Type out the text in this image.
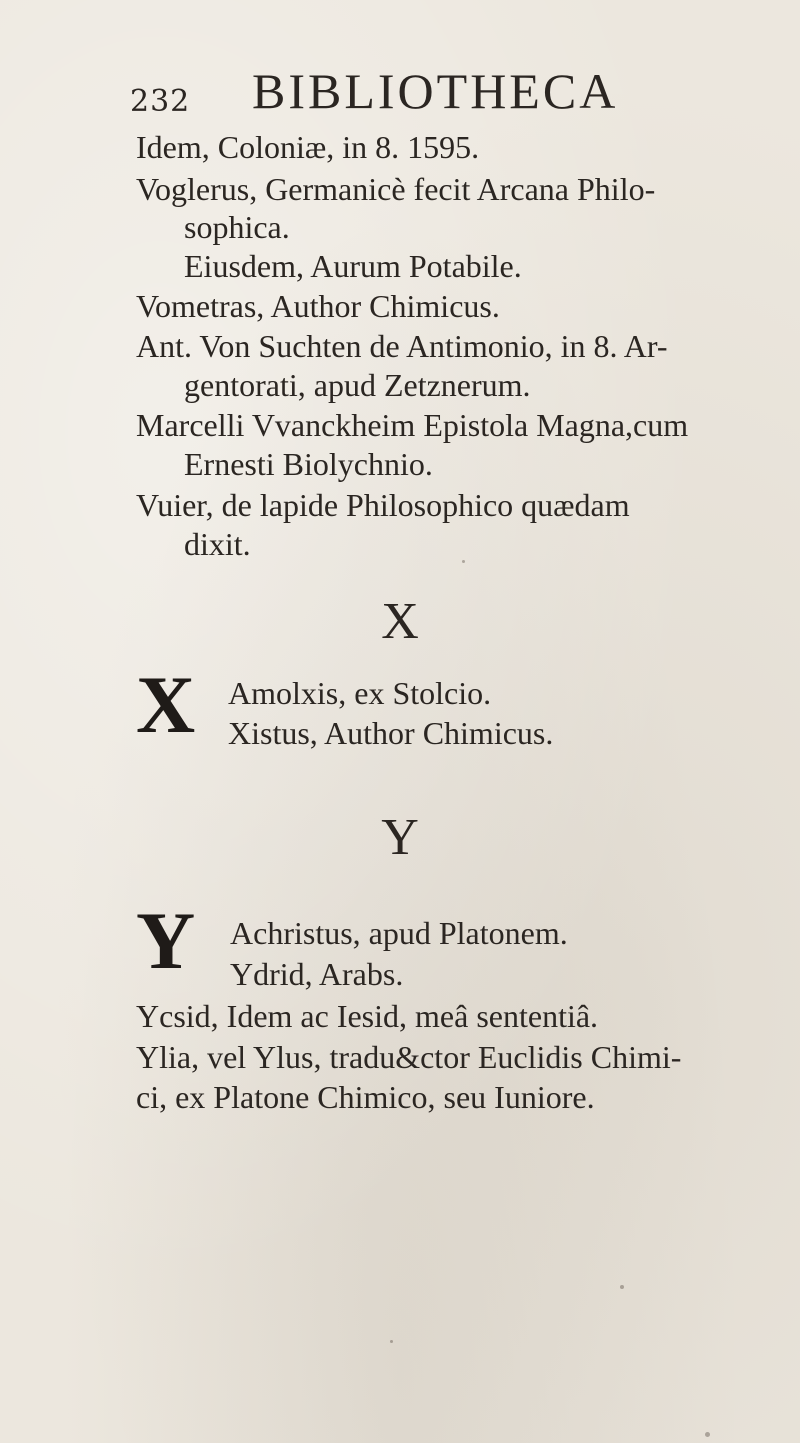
232 BIBLIOTHECA
Idem, Coloniæ, in 8. 1595.
Voglerus, Germanicè fecit Arcana Philo-
sophica.
Eiusdem, Aurum Potabile.
Vometras, Author Chimicus.
Ant. Von Suchten de Antimonio, in 8. Ar-
gentorati, apud Zetznerum.
Marcelli Vvanckheim Epistola Magna,cum
Ernesti Biolychnio.
Vuier, de lapide Philosophico quædam
dixit.
X
X Amolxis, ex Stolcio.
Xistus, Author Chimicus.
Y
Y Achristus, apud Platonem.
Ydrid, Arabs.
Ycsid, Idem ac Iesid, meâ sententiâ.
Ylia, vel Ylus, tradu&ctor Euclidis Chimi-
ci, ex Platone Chimico, seu Iuniore.
